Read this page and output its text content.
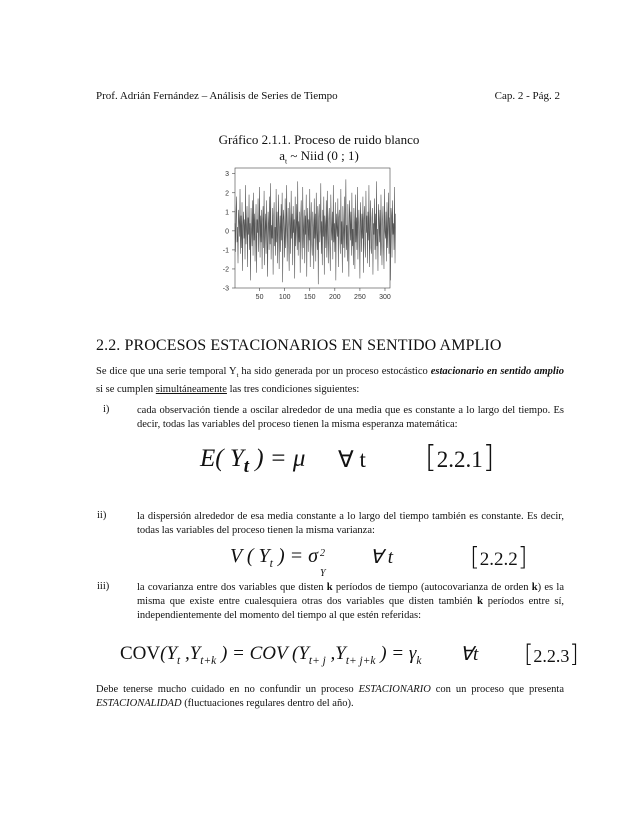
Prof. Adrián Fernández – Análisis de Series de Tiempo	Cap. 2 - Pág. 2
Gráfico 2.1.1. Proceso de ruido blanco
$a_t$ ~ Niid (0 ; 1)
3
2
1
0
-1
-2
-3
50 100 150 200 250 300
2.2. PROCESOS ESTACIONARIOS EN SENTIDO AMPLIO
Se dice que una serie temporal $Y_t$ ha sido generada por un proceso estocástico estacionario en sentido amplio si se cumplen simultáneamente las tres condiciones siguientes:
i)	cada observación tiende a oscilar alrededor de una media que es constante a lo largo del tiempo. Es decir, todas las variables del proceso tienen la misma esperanza matemática:
E( $Y_t$ ) = μ ∀ t [2.2.1]
ii)	la dispersión alrededor de esa media constante a lo largo del tiempo también es constante. Es decir, todas las variables del proceso tienen la misma varianza:
V ( $Y_t$ ) = σ 2
Y
∀ t	[2.2.2]
iii)	la covarianza entre dos variables que disten k períodos de tiempo (autocovarianza de orden k) es la misma que existe entre cualesquiera otras dos variables que disten también k períodos entre sí, independientemente del momento del tiempo al que estén referidas:
$COV(Y_t$ $,Y_{t+k}$ ) = COV ($Y_{t+ j}$ $,Y_{t+ j+k}$ ) = $\gamma_k$ ∀t [2.2.3]
Debe tenerse mucho cuidado en no confundir un proceso ESTACIONARIO con un proceso que presenta ESTACIONALIDAD (fluctuaciones regulares dentro del año).
